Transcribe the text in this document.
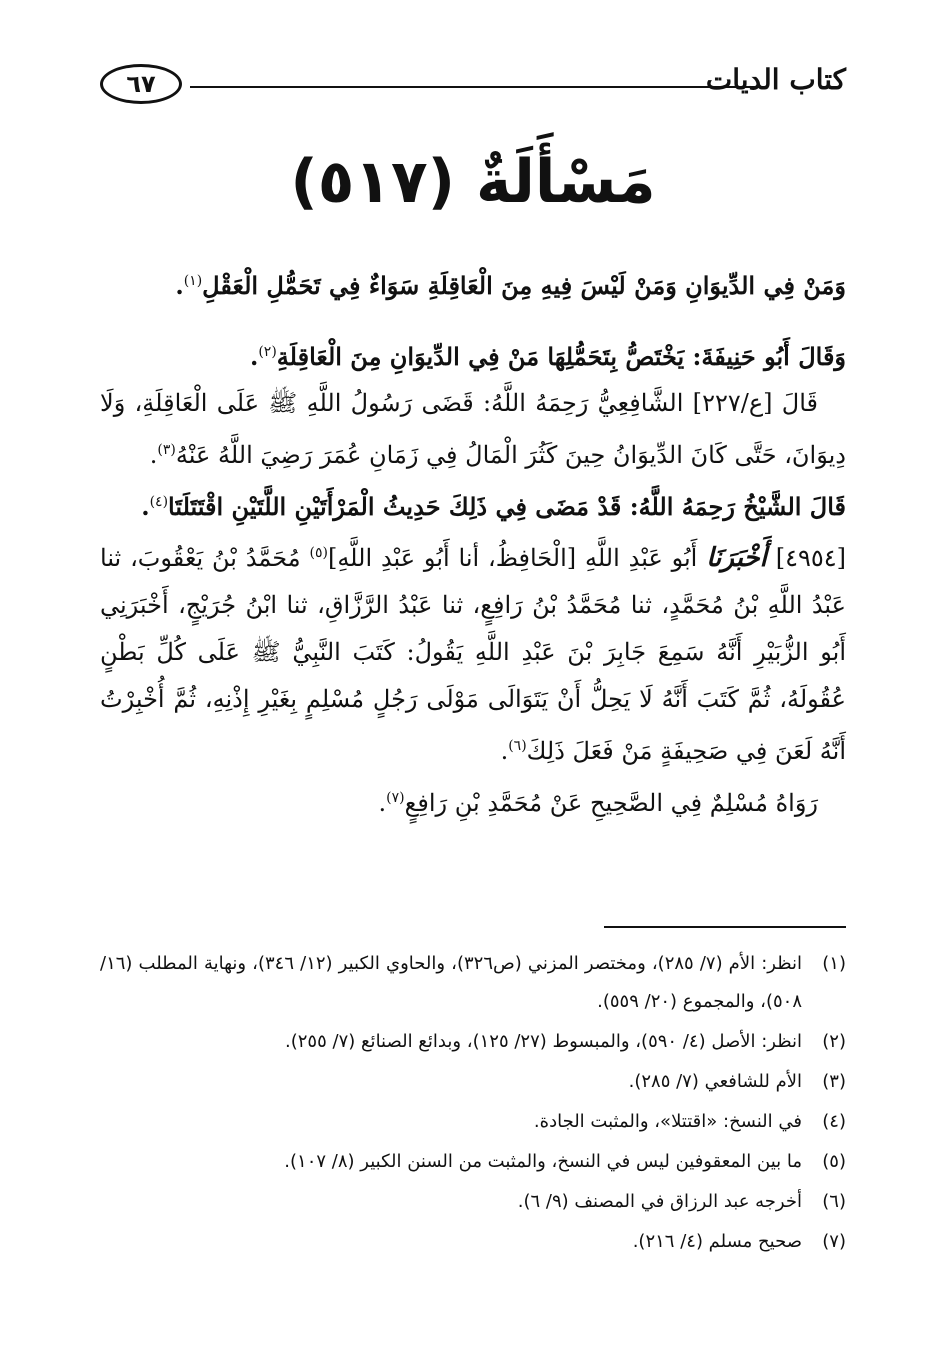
كتاب الديات
٦٧
مَسْأَلَةٌ (٥١٧)

وَمَنْ فِي الدِّيوَانِ وَمَنْ لَيْسَ فِيهِ مِنَ الْعَاقِلَةِ سَوَاءٌ فِي تَحَمُّلِ الْعَقْلِ$^{(١)}$.

وَقَالَ أَبُو حَنِيفَةَ: يَخْتَصُّ بِتَحَمُّلِهَا مَنْ فِي الدِّيوَانِ مِنَ الْعَاقِلَةِ$^{(٢)}$.

قَالَ [ع/٢٢٧] الشَّافِعِيُّ رَحِمَهُ اللَّهُ: قَضَى رَسُولُ اللَّهِ ﷺ عَلَى الْعَاقِلَةِ، وَلَا دِيوَانَ، حَتَّى كَانَ الدِّيوَانُ حِينَ كَثُرَ الْمَالُ فِي زَمَانِ عُمَرَ رَضِيَ اللَّهُ عَنْهُ$^{(٣)}$.

قَالَ الشَّيْخُ رَحِمَهُ اللَّهُ: قَدْ مَضَى فِي ذَلِكَ حَدِيثُ الْمَرْأَتَيْنِ اللَّتَيْنِ اقْتَتَلَتَا$^{(٤)}$.

[٤٩٥٤] أَخْبَرَنَا أَبُو عَبْدِ اللَّهِ [الْحَافِظُ، أنا أَبُو عَبْدِ اللَّهِ]$^{(٥)}$ مُحَمَّدُ بْنُ يَعْقُوبَ، ثنا عَبْدُ اللَّهِ بْنُ مُحَمَّدٍ، ثنا مُحَمَّدُ بْنُ رَافِعٍ، ثنا عَبْدُ الرَّزَّاقِ، ثنا ابْنُ جُرَيْجٍ، أَخْبَرَنِي أَبُو الزُّبَيْرِ أَنَّهُ سَمِعَ جَابِرَ بْنَ عَبْدِ اللَّهِ يَقُولُ: كَتَبَ النَّبِيُّ ﷺ عَلَى كُلِّ بَطْنٍ عُقُولَهُ، ثُمَّ كَتَبَ أَنَّهُ لَا يَحِلُّ أَنْ يَتَوَالَى مَوْلَى رَجُلٍ مُسْلِمٍ بِغَيْرِ إِذْنِهِ، ثُمَّ أُخْبِرْتُ أَنَّهُ لَعَنَ فِي صَحِيفَةٍ مَنْ فَعَلَ ذَلِكَ$^{(٦)}$.

رَوَاهُ مُسْلِمٌ فِي الصَّحِيحِ عَنْ مُحَمَّدِ بْنِ رَافِعٍ$^{(٧)}$.

(١)
انظر: الأم (٧/ ٢٨٥)، ومختصر المزني (ص٣٢٦)، والحاوي الكبير (١٢/ ٣٤٦)، ونهاية المطلب (١٦/ ٥٠٨)، والمجموع (٢٠/ ٥٥٩).
(٢)
انظر: الأصل (٤/ ٥٩٠)، والمبسوط (٢٧/ ١٢٥)، وبدائع الصنائع (٧/ ٢٥٥).
(٣)
الأم للشافعي (٧/ ٢٨٥).
(٤)
في النسخ: «اقتتلا»، والمثبت الجادة.
(٥)
ما بين المعقوفين ليس في النسخ، والمثبت من السنن الكبير (٨/ ١٠٧).
(٦)
أخرجه عبد الرزاق في المصنف (٩/ ٦).
(٧)
صحيح مسلم (٤/ ٢١٦).
